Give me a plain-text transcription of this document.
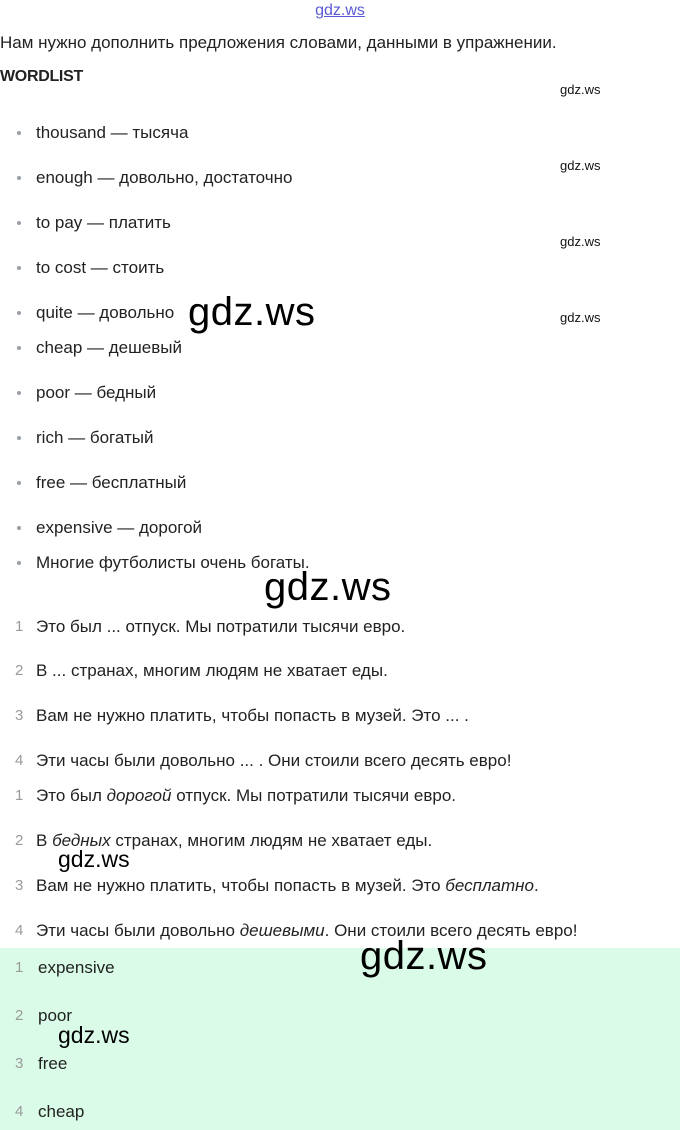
gdz.ws
Нам нужно дополнить предложения словами, данными в упражнении.
WORDLIST
gdz.ws
gdz.ws
gdz.ws
gdz.ws
thousand — тысяча
enough — довольно, достаточно
to pay — платить
to cost — стоить
quite — довольно
cheap — дешевый
poor — бедный
rich — богатый
free — бесплатный
expensive — дорогой
Многие футболисты очень богаты.
gdz.ws
gdz.ws
1 Это был ... отпуск. Мы потратили тысячи евро.
2 В ... странах, многим людям не хватает еды.
3 Вам не нужно платить, чтобы попасть в музей. Это ... .
4 Эти часы были довольно ... . Они стоили всего десять евро!
1 Это был дорогой отпуск. Мы потратили тысячи евро.
2 В бедных странах, многим людям не хватает еды.
3 Вам не нужно платить, чтобы попасть в музей. Это бесплатно.
4 Эти часы были довольно дешевыми. Они стоили всего десять евро!
1 expensive
2 poor
3 free
4 cheap
gdz.ws
gdz.ws
gdz.ws
